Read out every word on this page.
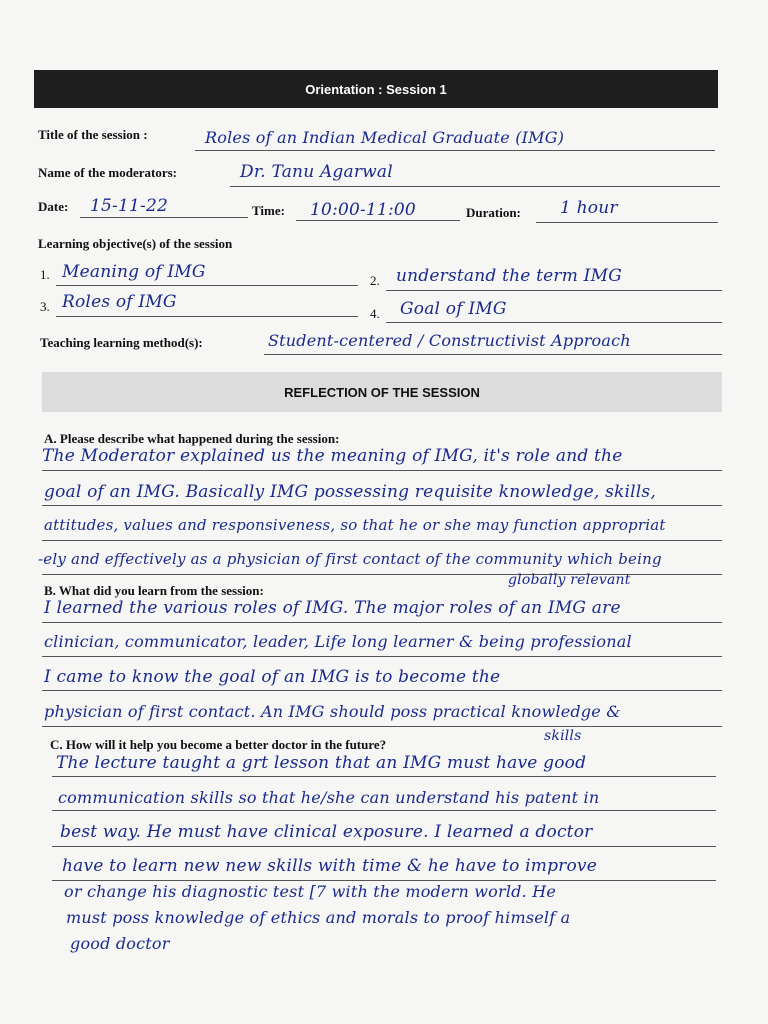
Orientation : Session 1
Title of the session :	Roles of an Indian Medical Graduate (IMG)
Name of the moderators:	Dr. Tanu Agarwal
Date: 15-11-22	Time: 10:00-11:00	Duration: 1 hour
Learning objective(s) of the session
1. Meaning of IMG	2. understand the term IMG
3. Roles of IMG
4. Goal of IMG
Teaching learning method(s):	Student-centered / Constructivist Approach
REFLECTION OF THE SESSION
A. Please describe what happened during the session:
The Moderator explained us the meaning of IMG, it's role and the
goal of an IMG. Basically IMG possessing requisite knowledge, skills,
attitudes, values and responsiveness, so that he or she may function appropriat
-ely and effectively as a physician of first contact of the community which being
globally relevant
B. What did you learn from the session:
I learned the various roles of IMG. The major roles of an IMG are
clinician, communicator, leader, Life long learner & being professional
I came to know the goal of an IMG is to become the
physician of first contact. An IMG should poss practical knowledge &
skills
C. How will it help you become a better doctor in the future?
The lecture taught a grt lesson that an IMG must have good
communication skills so that he/she can understand his patent in
best way. He must have clinical exposure. I learned a doctor
have to learn new new skills with time & he have to improve
or change his diagnostic test [7 with the modern world. He
must poss knowledge of ethics and morals to proof himself a
good doctor
